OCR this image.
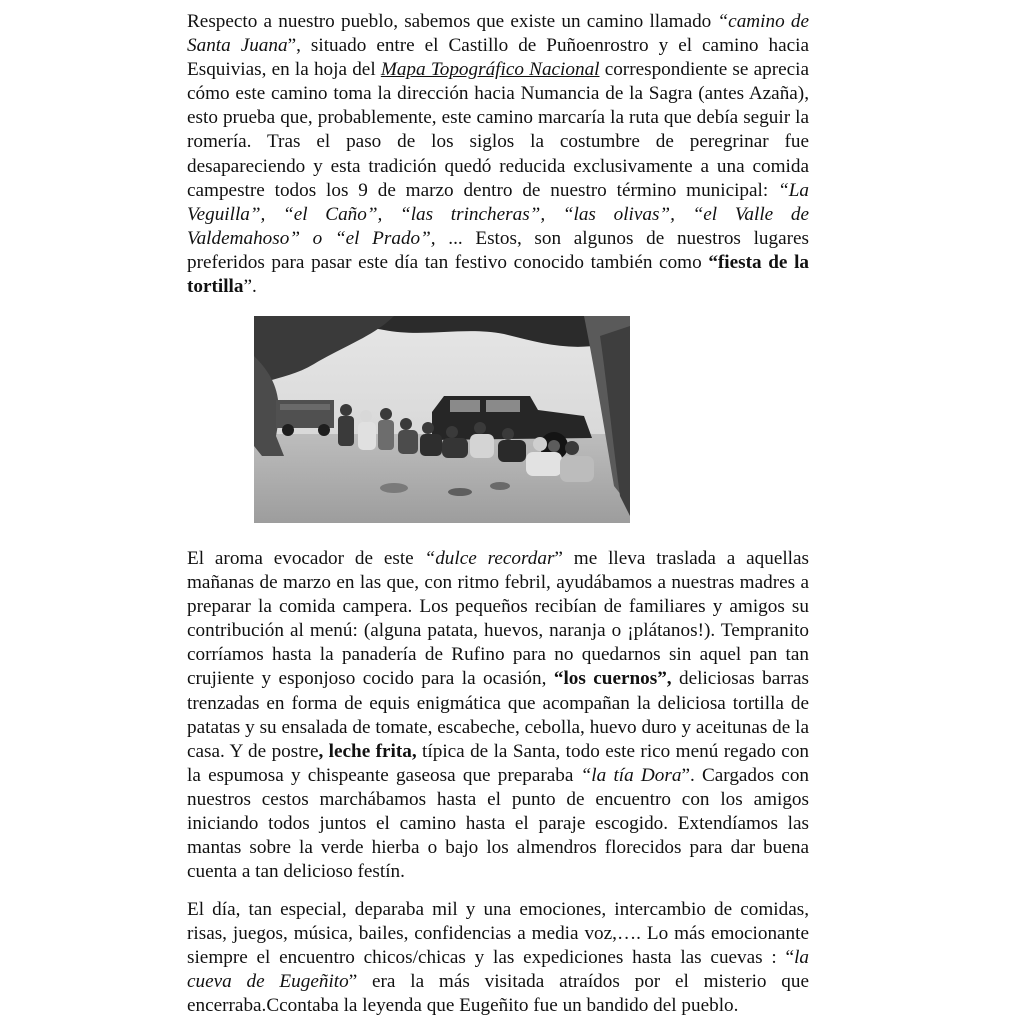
Respecto a nuestro pueblo, sabemos que existe un camino llamado “camino de Santa Juana”, situado entre el Castillo de Puñoenrostro y el camino hacia Esquivias, en la hoja del Mapa Topográfico Nacional correspondiente se aprecia cómo este camino toma la dirección hacia Numancia de la Sagra (antes Azaña), esto prueba que, probablemente, este camino marcaría la ruta que debía seguir la romería. Tras el paso de los siglos la costumbre de peregrinar fue desapareciendo y esta tradición quedó reducida exclusivamente a una comida campestre todos los 9 de marzo dentro de nuestro término municipal: “La Veguilla”, “el Caño”, “las trincheras”, “las olivas”, “el Valle de Valdemahoso” o “el Prado”, ... Estos, son algunos de nuestros lugares preferidos para pasar este día tan festivo conocido también como “fiesta de la tortilla”.

El aroma evocador de este “dulce recordar” me lleva traslada a aquellas mañanas de marzo en las que, con ritmo febril, ayudábamos a nuestras madres a preparar la comida campera. Los pequeños recibían de familiares y amigos su contribución al menú: (alguna patata, huevos, naranja o ¡plátanos!). Tempranito corríamos hasta la panadería de Rufino para no quedarnos sin aquel pan tan crujiente y esponjoso cocido para la ocasión, “los cuernos”, deliciosas barras trenzadas en forma de equis enigmática que acompañan la deliciosa tortilla de patatas y su ensalada de tomate, escabeche, cebolla, huevo duro y aceitunas de la casa. Y de postre, leche frita, típica de la Santa, todo este rico menú regado con la espumosa y chispeante gaseosa que preparaba “la tía Dora”. Cargados con nuestros cestos marchábamos hasta el punto de encuentro con los amigos iniciando todos juntos el camino hasta el paraje escogido. Extendíamos las mantas sobre la verde hierba o bajo los almendros florecidos para dar buena cuenta a tan delicioso festín.

El día, tan especial, deparaba mil y una emociones, intercambio de comidas, risas, juegos, música, bailes, confidencias a media voz,…. Lo más emocionante siempre el encuentro chicos/chicas y las expediciones hasta las cuevas : “la cueva de Eugeñito” era la más visitada atraídos por el misterio que encerraba.Ccontaba la leyenda que Eugeñito fue un bandido del pueblo.
